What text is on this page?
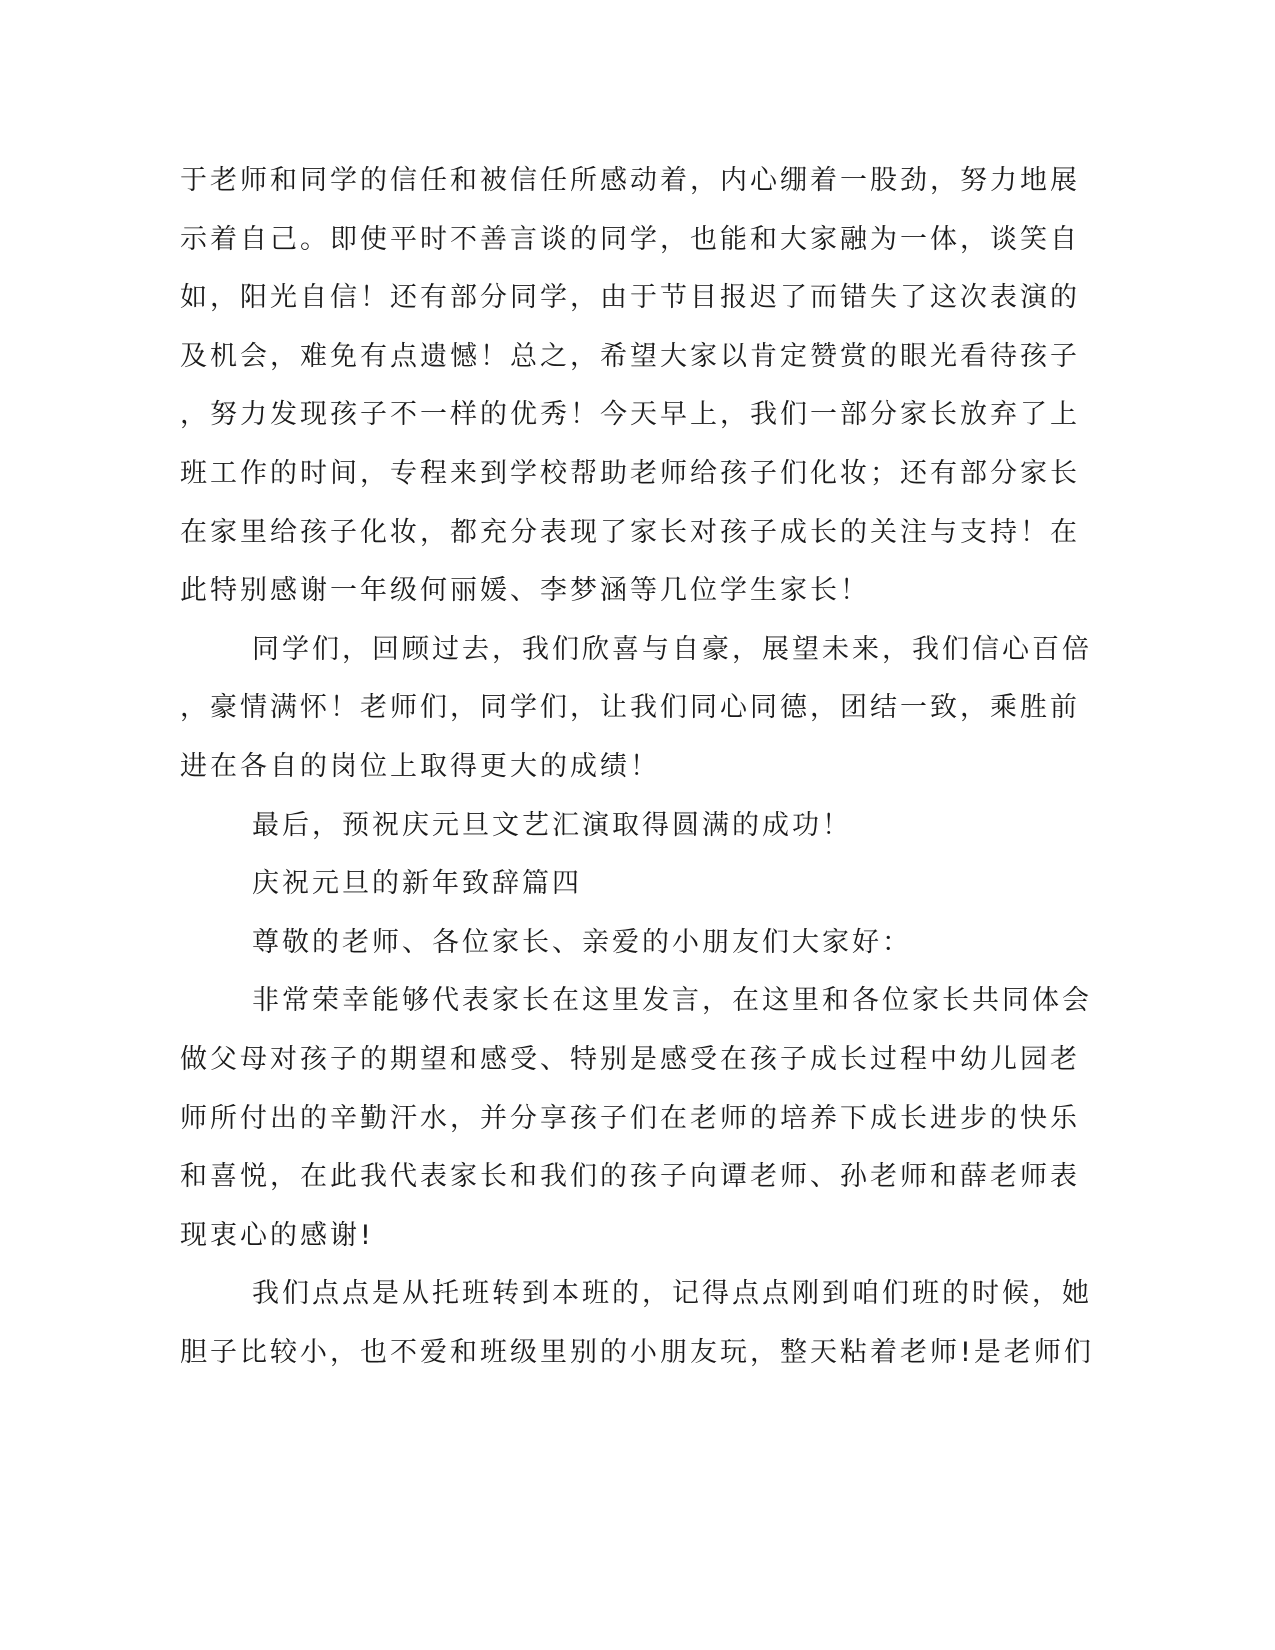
于老师和同学的信任和被信任所感动着，内心绷着一股劲，努力地展
示着自己。即使平时不善言谈的同学，也能和大家融为一体，谈笑自
如，阳光自信！还有部分同学，由于节目报迟了而错失了这次表演的
及机会，难免有点遗憾！总之，希望大家以肯定赞赏的眼光看待孩子
，努力发现孩子不一样的优秀！今天早上，我们一部分家长放弃了上
班工作的时间，专程来到学校帮助老师给孩子们化妆；还有部分家长
在家里给孩子化妆，都充分表现了家长对孩子成长的关注与支持！在
此特别感谢一年级何丽媛、李梦涵等几位学生家长！
同学们，回顾过去，我们欣喜与自豪，展望未来，我们信心百倍
，豪情满怀！老师们，同学们，让我们同心同德，团结一致，乘胜前
进在各自的岗位上取得更大的成绩！
最后，预祝庆元旦文艺汇演取得圆满的成功！
庆祝元旦的新年致辞篇四
尊敬的老师、各位家长、亲爱的小朋友们大家好：
非常荣幸能够代表家长在这里发言，在这里和各位家长共同体会
做父母对孩子的期望和感受、特别是感受在孩子成长过程中幼儿园老
师所付出的辛勤汗水，并分享孩子们在老师的培养下成长进步的快乐
和喜悦，在此我代表家长和我们的孩子向谭老师、孙老师和薛老师表
现衷心的感谢!
我们点点是从托班转到本班的，记得点点刚到咱们班的时候，她
胆子比较小，也不爱和班级里别的小朋友玩，整天粘着老师!是老师们
